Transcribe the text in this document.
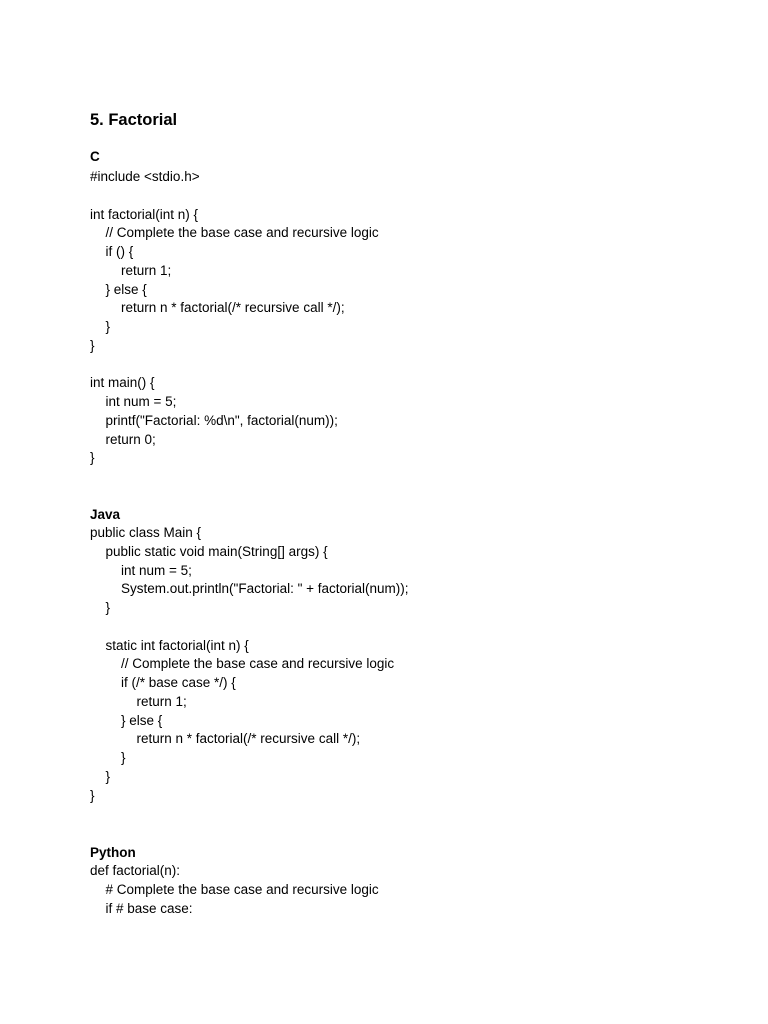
5. Factorial
C
#include <stdio.h>
int factorial(int n) {
// Complete the base case and recursive logic
if () {
return 1;
} else {
return n * factorial(/* recursive call */);
}
}
int main() {
int num = 5;
printf("Factorial: %d\n", factorial(num));
return 0;
}
Java
public class Main {
public static void main(String[] args) {
int num = 5;
System.out.println("Factorial: " + factorial(num));
}
static int factorial(int n) {
// Complete the base case and recursive logic
if (/* base case */) {
return 1;
} else {
return n * factorial(/* recursive call */);
}
}
}
Python
def factorial(n):
# Complete the base case and recursive logic
if # base case:
